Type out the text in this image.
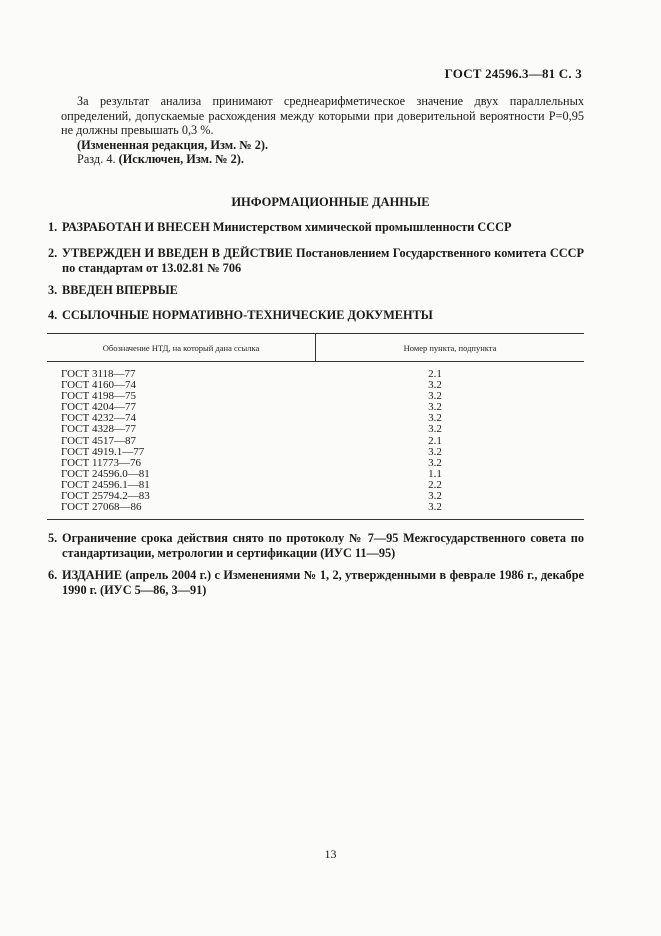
ГОСТ 24596.3—81 С. 3

За результат анализа принимают среднеарифметическое значение двух параллельных определений, допускаемые расхождения между которыми при доверительной вероятности P=0,95 не должны превышать 0,3 %.

(Измененная редакция, Изм. № 2).

Разд. 4. (Исключен, Изм. № 2).

ИНФОРМАЦИОННЫЕ ДАННЫЕ
1. РАЗРАБОТАН И ВНЕСЕН Министерством химической промышленности СССР
2. УТВЕРЖДЕН И ВВЕДЕН В ДЕЙСТВИЕ Постановлением Государственного комитета СССР по стандартам от 13.02.81 № 706
3. ВВЕДЕН ВПЕРВЫЕ
4. ССЫЛОЧНЫЕ НОРМАТИВНО-ТЕХНИЧЕСКИЕ ДОКУМЕНТЫ
Обозначение НТД, на который дана ссылка	Номер пункта, подпункта
ГОСТ 3118—77	2.1
ГОСТ 4160—74	3.2
ГОСТ 4198—75	3.2
ГОСТ 4204—77	3.2
ГОСТ 4232—74	3.2
ГОСТ 4328—77	3.2
ГОСТ 4517—87	2.1
ГОСТ 4919.1—77	3.2
ГОСТ 11773—76	3.2
ГОСТ 24596.0—81	1.1
ГОСТ 24596.1—81	2.2
ГОСТ 25794.2—83	3.2
ГОСТ 27068—86	3.2
5. Ограничение срока действия снято по протоколу № 7—95 Межгосударственного совета по стандартизации, метрологии и сертификации (ИУС 11—95)
6. ИЗДАНИЕ (апрель 2004 г.) с Изменениями № 1, 2, утвержденными в феврале 1986 г., декабре 1990 г. (ИУС 5—86, 3—91)
13
